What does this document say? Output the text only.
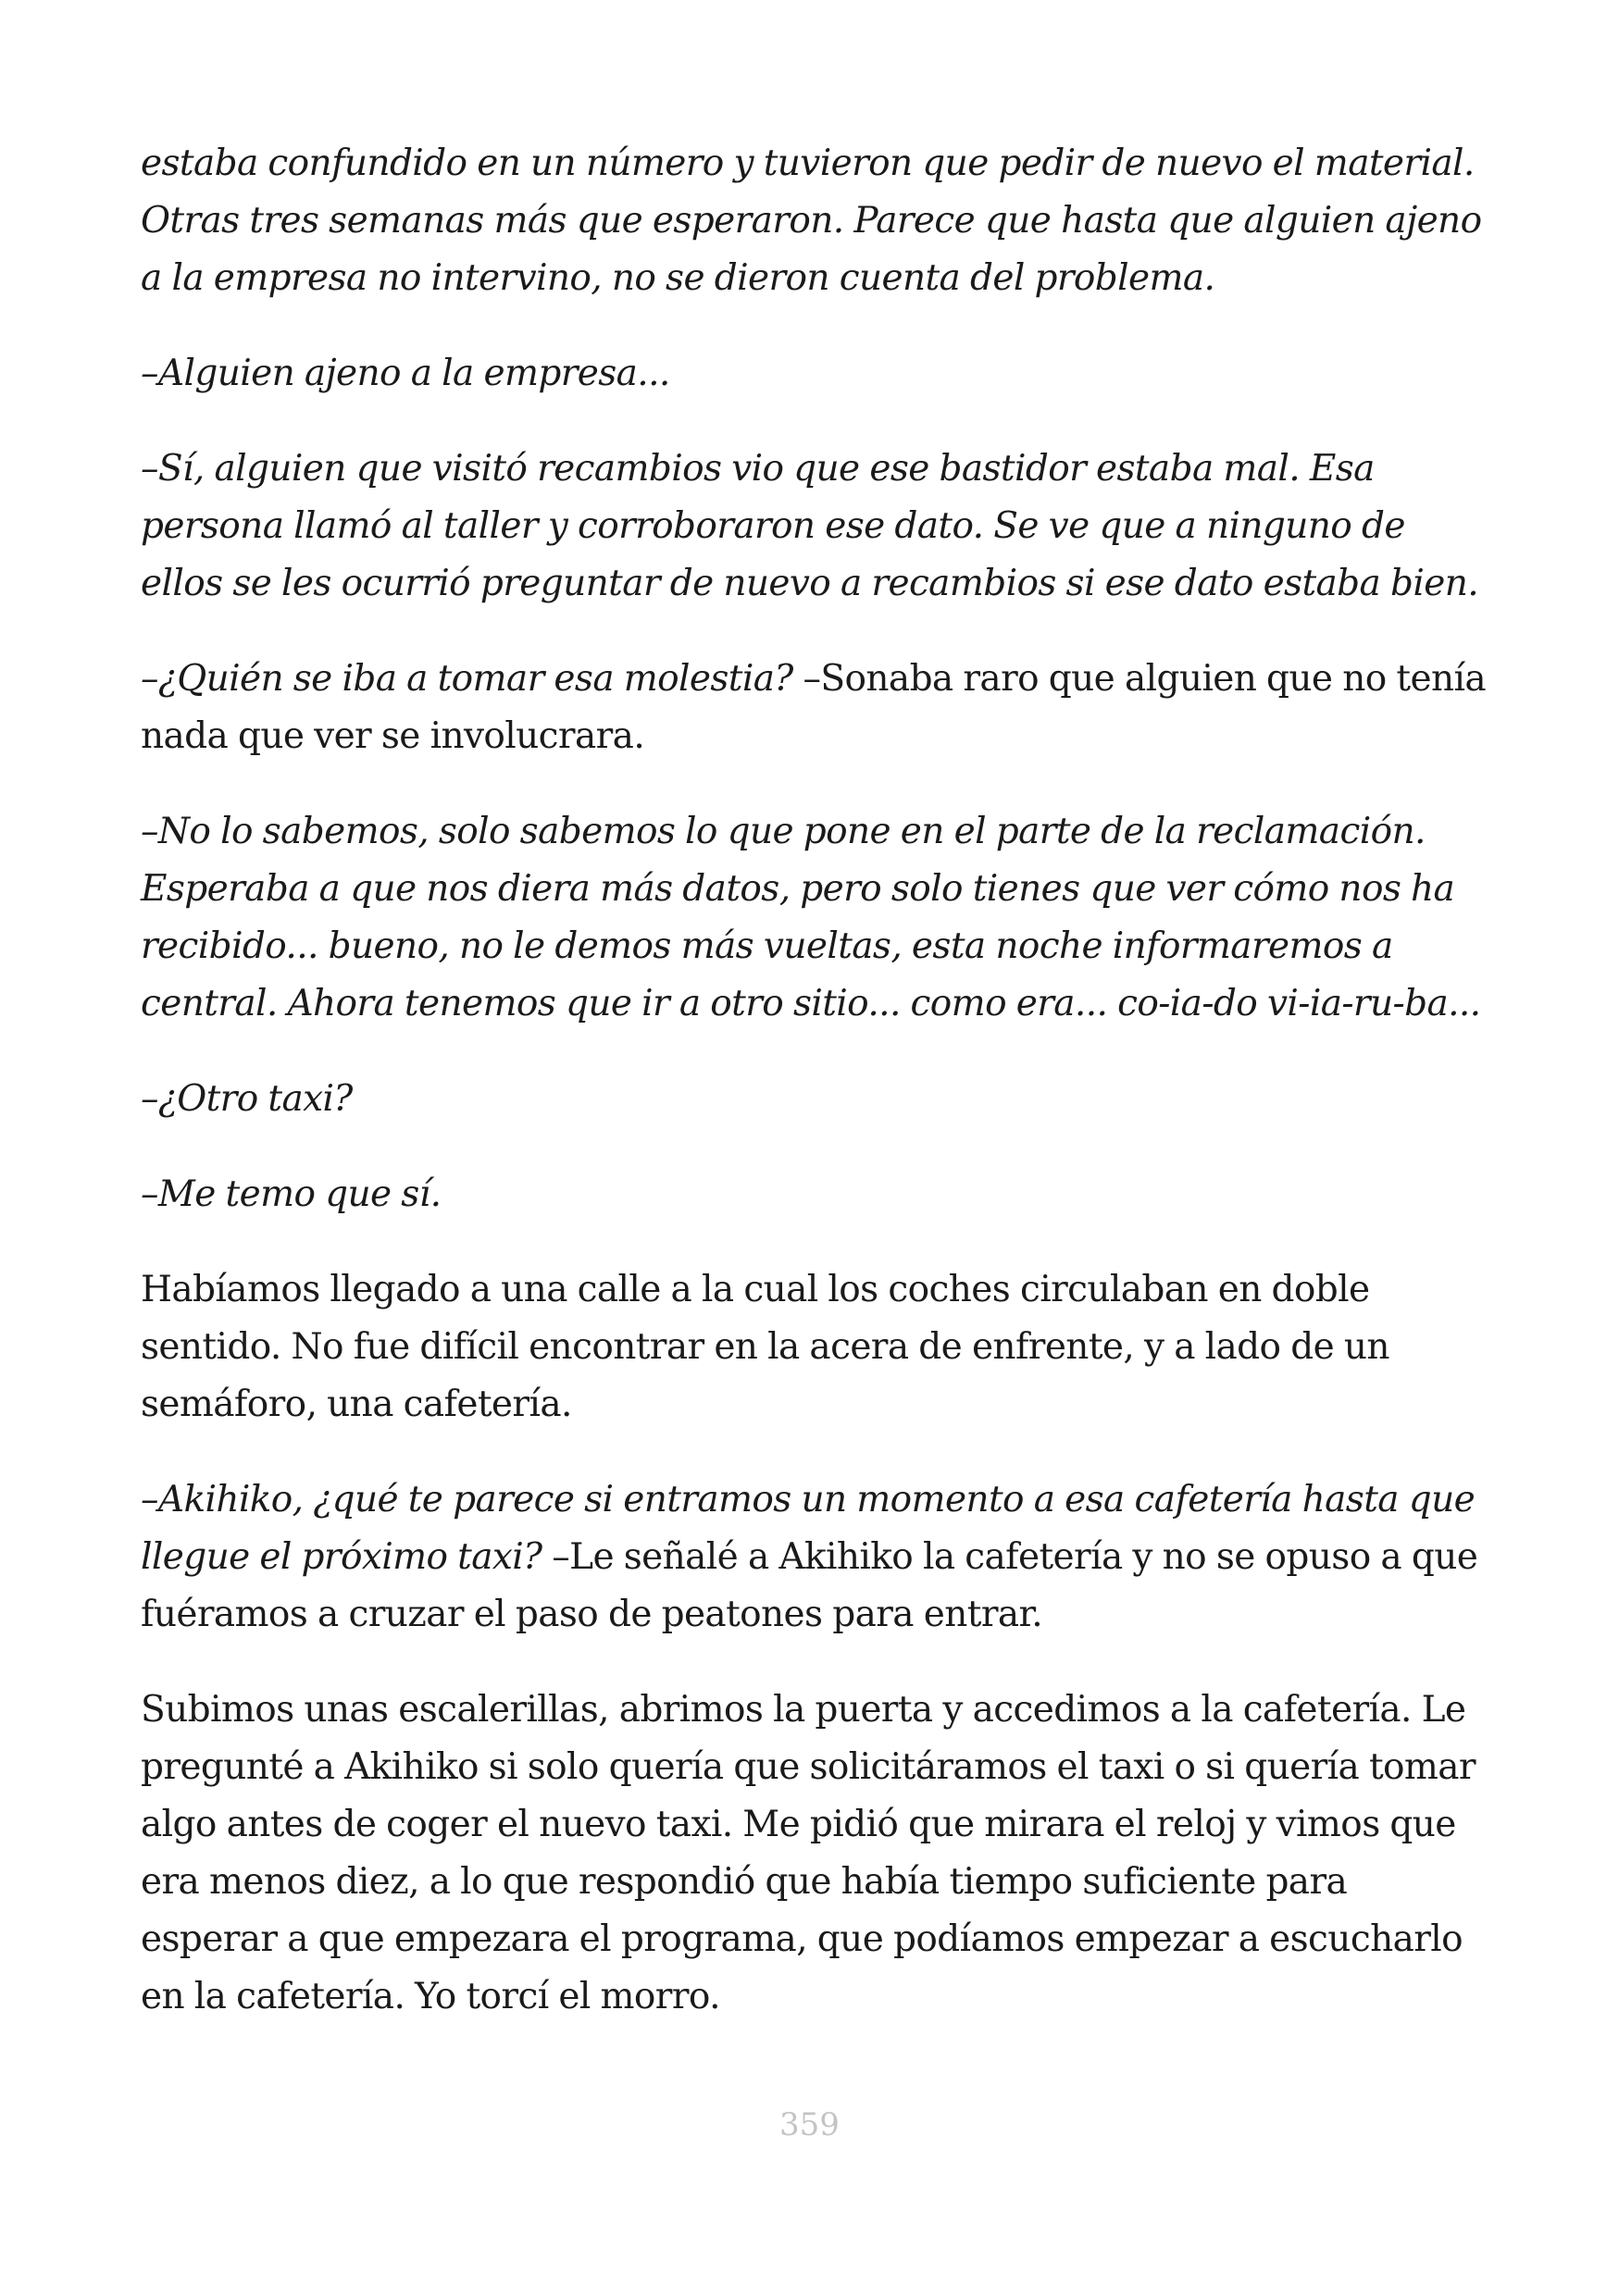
estaba confundido en un número y tuvieron que pedir de nuevo el material. Otras tres semanas más que esperaron. Parece que hasta que alguien ajeno a la empresa no intervino, no se dieron cuenta del problema.

–Alguien ajeno a la empresa...

–Sí, alguien que visitó recambios vio que ese bastidor estaba mal. Esa persona llamó al taller y corroboraron ese dato. Se ve que a ninguno de ellos se les ocurrió preguntar de nuevo a recambios si ese dato estaba bien.

–¿Quién se iba a tomar esa molestia? –Sonaba raro que alguien que no tenía nada que ver se involucrara.

–No lo sabemos, solo sabemos lo que pone en el parte de la reclamación. Esperaba a que nos diera más datos, pero solo tienes que ver cómo nos ha recibido... bueno, no le demos más vueltas, esta noche informaremos a central. Ahora tenemos que ir a otro sitio... como era... co-ia-do vi-ia-ru-ba...

–¿Otro taxi?

–Me temo que sí.

Habíamos llegado a una calle a la cual los coches circulaban en doble sentido. No fue difícil encontrar en la acera de enfrente, y a lado de un semáforo, una cafetería.

–Akihiko, ¿qué te parece si entramos un momento a esa cafetería hasta que llegue el próximo taxi? –Le señalé a Akihiko la cafetería y no se opuso a que fuéramos a cruzar el paso de peatones para entrar.

Subimos unas escalerillas, abrimos la puerta y accedimos a la cafetería. Le pregunté a Akihiko si solo quería que solicitáramos el taxi o si quería tomar algo antes de coger el nuevo taxi. Me pidió que mirara el reloj y vimos que era menos diez, a lo que respondió que había tiempo suficiente para esperar a que empezara el programa, que podíamos empezar a escucharlo en la cafetería. Yo torcí el morro.

359
